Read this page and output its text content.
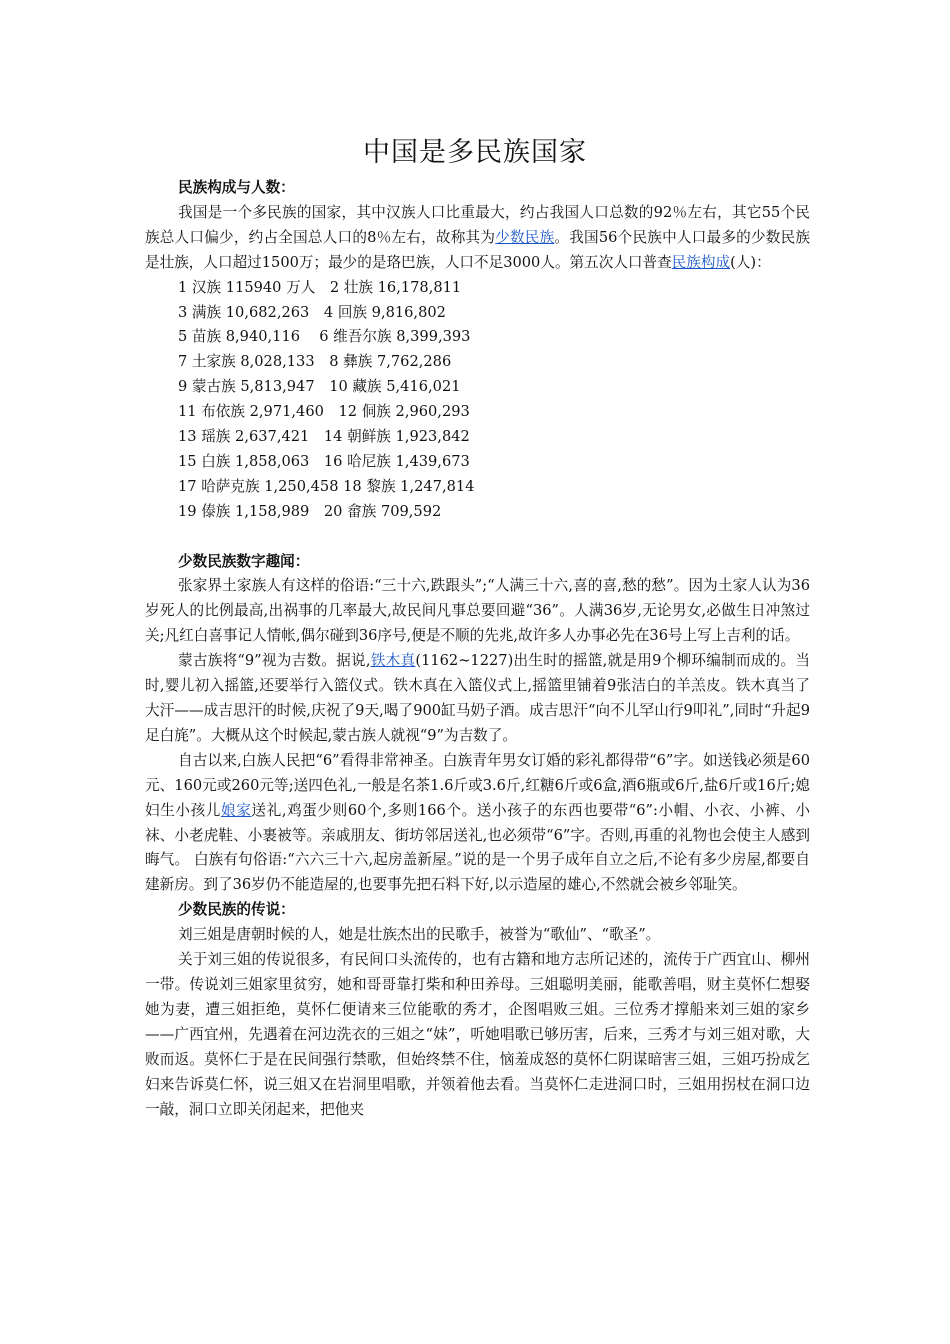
中国是多民族国家

民族构成与人数：

我国是一个多民族的国家，其中汉族人口比重最大，约占我国人口总数的92％左右，其它55个民族总人口偏少，约占全国总人口的8％左右，故称其为少数民族。我国56个民族中人口最多的少数民族是壮族，人口超过1500万；最少的是珞巴族，人口不足3000人。第五次人口普查民族构成(人)：

1 汉族 115940 万人　2 壮族 16,178,811

3 满族 10,682,263　4 回族 9,816,802

5 苗族 8,940,116　 6 维吾尔族 8,399,393

7 土家族 8,028,133　8 彝族 7,762,286

9 蒙古族 5,813,947　10 藏族 5,416,021

11 布依族 2,971,460　12 侗族 2,960,293

13 瑶族 2,637,421　14 朝鲜族 1,923,842

15 白族 1,858,063　16 哈尼族 1,439,673

17 哈萨克族 1,250,458 18 黎族 1,247,814

19 傣族 1,158,989　20 畲族 709,592

少数民族数字趣闻：

张家界土家族人有这样的俗语:“三十六,跌跟头”;“人满三十六,喜的喜,愁的愁”。因为土家人认为36岁死人的比例最高,出祸事的几率最大,故民间凡事总要回避“36”。人满36岁,无论男女,必做生日冲煞过关;凡红白喜事记人情帐,偶尔碰到36序号,便是不顺的先兆,故许多人办事必先在36号上写上吉利的话。

蒙古族将“9”视为吉数。据说,铁木真(1162~1227)出生时的摇篮,就是用9个柳环编制而成的。当时,婴儿初入摇篮,还要举行入篮仪式。铁木真在入篮仪式上,摇篮里铺着9张洁白的羊羔皮。铁木真当了大汗——成吉思汗的时候,庆祝了9天,喝了900缸马奶子酒。成吉思汗“向不儿罕山行9叩礼”,同时“升起9足白旄”。大概从这个时候起,蒙古族人就视“9”为吉数了。

自古以来,白族人民把“6”看得非常神圣。白族青年男女订婚的彩礼都得带“6”字。如送钱必须是60元、160元或260元等;送四色礼,一般是名茶1.6斤或3.6斤,红糖6斤或6盒,酒6瓶或6斤,盐6斤或16斤;媳妇生小孩儿娘家送礼,鸡蛋少则60个,多则166个。送小孩子的东西也要带“6”:小帽、小衣、小裤、小袜、小老虎鞋、小裹被等。亲戚朋友、街坊邻居送礼,也必须带“6”字。否则,再重的礼物也会使主人感到晦气。 白族有句俗语:“六六三十六,起房盖新屋。”说的是一个男子成年自立之后,不论有多少房屋,都要自建新房。到了36岁仍不能造屋的,也要事先把石料下好,以示造屋的雄心,不然就会被乡邻耻笑。

少数民族的传说：

刘三姐是唐朝时候的人，她是壮族杰出的民歌手，被誉为“歌仙”、“歌圣”。

关于刘三姐的传说很多，有民间口头流传的，也有古籍和地方志所记述的，流传于广西宜山、柳州一带。传说刘三姐家里贫穷，她和哥哥靠打柴和种田养母。三姐聪明美丽，能歌善唱，财主莫怀仁想娶她为妻，遭三姐拒绝，莫怀仁便请来三位能歌的秀才，企图唱败三姐。三位秀才撑船来刘三姐的家乡——广西宜州，先遇着在河边洗衣的三姐之“妹”，听她唱歌已够历害，后来，三秀才与刘三姐对歌，大败而返。莫怀仁于是在民间强行禁歌，但始终禁不住，恼羞成怒的莫怀仁阴谋暗害三姐，三姐巧扮成乞妇来告诉莫仁怀，说三姐又在岩洞里唱歌，并领着他去看。当莫怀仁走进洞口时，三姐用拐杖在洞口边一敲，洞口立即关闭起来，把他夹
